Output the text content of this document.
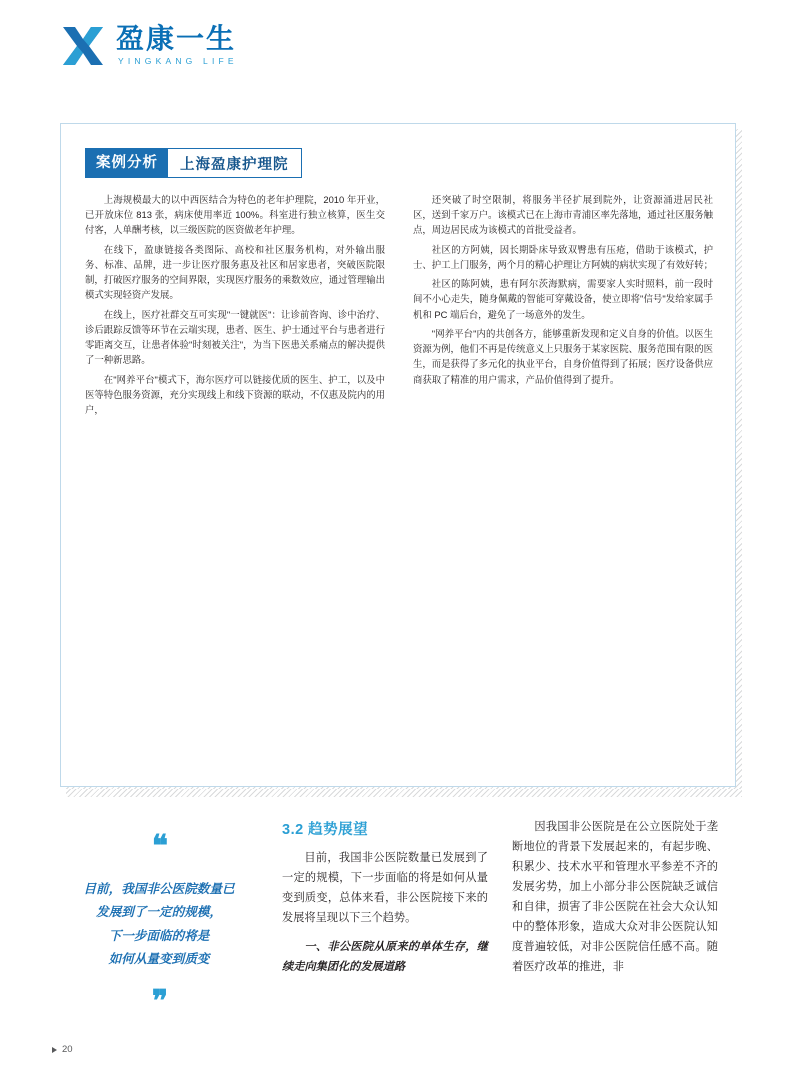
盈康一生
YINGKANG LIFE
案例分析	上海盈康护理院

上海规模最大的以中西医结合为特色的老年护理院，2010 年开业，已开放床位 813 张，病床使用率近 100%。科室进行独立核算，医生交付客，人单酬考核，以三级医院的医资做老年护理。

在线下，盈康链接各类图际、高校和社区服务机构，对外输出服务、标准、品牌，进一步让医疗服务惠及社区和居家患者，突破医院限制，打破医疗服务的空间界限，实现医疗服务的乘数效应，通过管理输出模式实现轻资产发展。

在线上，医疗社群交互可实现"一键就医"：让诊前咨询、诊中治疗、诊后跟踪反馈等环节在云端实现，患者、医生、护士通过平台与患者进行零距离交互，让患者体验"时刻被关注"，为当下医患关系痛点的解决提供了一种新思路。

在"网养平台"模式下，海尔医疗可以链接优质的医生、护工，以及中医等特色服务资源，充分实现线上和线下资源的联动，不仅惠及院内的用户，

还突破了时空限制，将服务半径扩展到院外，让资源涌进居民社区，送到千家万户。该模式已在上海市青浦区率先落地，通过社区服务触点，周边居民成为该模式的首批受益者。

社区的方阿姨，因长期卧床导致双臀患有压疮，借助于该模式，护士、护工上门服务，两个月的精心护理让方阿姨的病状实现了有效好转；

社区的陈阿姨，患有阿尔茨海默病，需要家人实时照料，前一段时间不小心走失，随身佩戴的智能可穿戴设备，使立即将"信号"发给家属手机和 PC 端后台，避免了一场意外的发生。

"网养平台"内的共创各方，能够重新发现和定义自身的价值。以医生资源为例，他们不再是传统意义上只服务于某家医院、服务范围有限的医生，而是获得了多元化的执业平台，自身价值得到了拓展；医疗设备供应商获取了精准的用户需求，产品价值得到了提升。

❝
目前，我国非公医院数量已
发展到了一定的规模，
下一步面临的将是
如何从量变到质变
❞
3.2 趋势展望

目前，我国非公医院数量已发展到了一定的规模，下一步面临的将是如何从量变到质变，总体来看，非公医院接下来的发展将呈现以下三个趋势。

一、非公医院从原来的单体生存，继续走向集团化的发展道路

因我国非公医院是在公立医院处于垄断地位的背景下发展起来的，有起步晚、积累少、技术水平和管理水平参差不齐的发展劣势，加上小部分非公医院缺乏诚信和自律，损害了非公医院在社会大众认知中的整体形象，造成大众对非公医院认知度普遍较低，对非公医院信任感不高。随着医疗改革的推进，非

20
